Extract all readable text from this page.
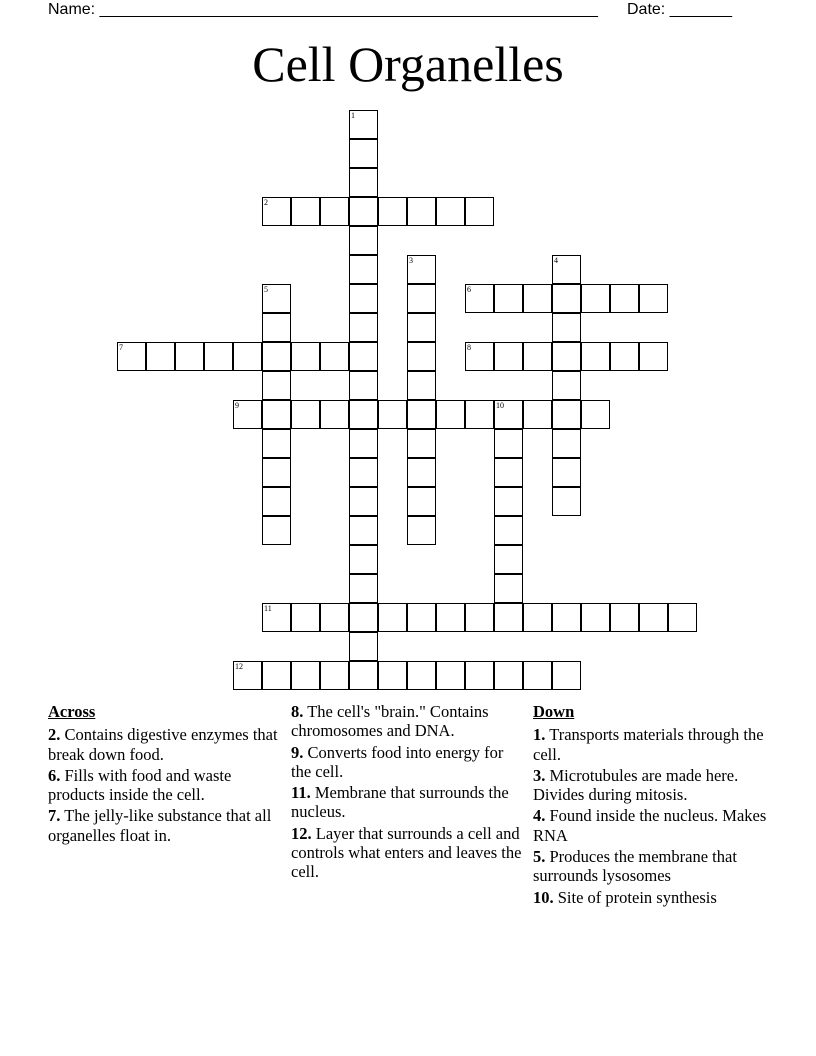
Name: ________________________________________________________ Date: _______
Cell Organelles
1
2
3	4
5	6
7	8
9	10
11
12
Across
2. Contains digestive enzymes that break down food.
6. Fills with food and waste products inside the cell.
7. The jelly-like substance that all organelles float in.
8. The cell's "brain." Contains chromosomes and DNA.
9. Converts food into energy for the cell.
11. Membrane that surrounds the nucleus.
12. Layer that surrounds a cell and controls what enters and leaves the cell.
Down
1. Transports materials through the cell.
3. Microtubules are made here. Divides during mitosis.
4. Found inside the nucleus. Makes RNA
5. Produces the membrane that surrounds lysosomes
10. Site of protein synthesis
